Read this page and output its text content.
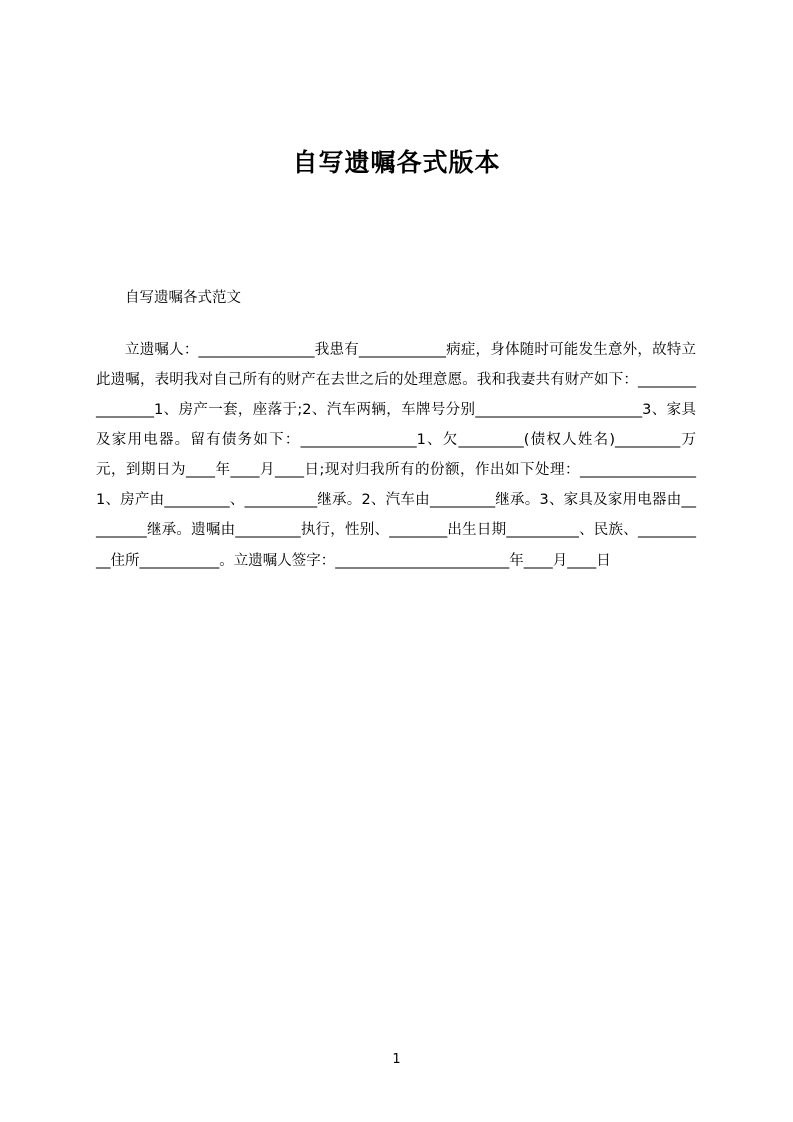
自写遗嘱各式版本

自写遗嘱各式范文

立遗嘱人：________________我患有____________病症，身体随时可能发生意外，故特立此遗嘱，表明我对自己所有的财产在去世之后的处理意愿。我和我妻共有财产如下：________________1、房产一套，座落于;2、汽车两辆，车牌号分别_______________________3、家具及家用电器。留有债务如下：________________1、欠_________(债权人姓名)_________万元，到期日为____年____月____日;现对归我所有的份额，作出如下处理：________________1、房产由_________、__________继承。2、汽车由_________继承。3、家具及家用电器由_________继承。遗嘱由_________执行，性别、________出生日期__________、民族、__________住所___________。立遗嘱人签字：________________________年____月____日

1
